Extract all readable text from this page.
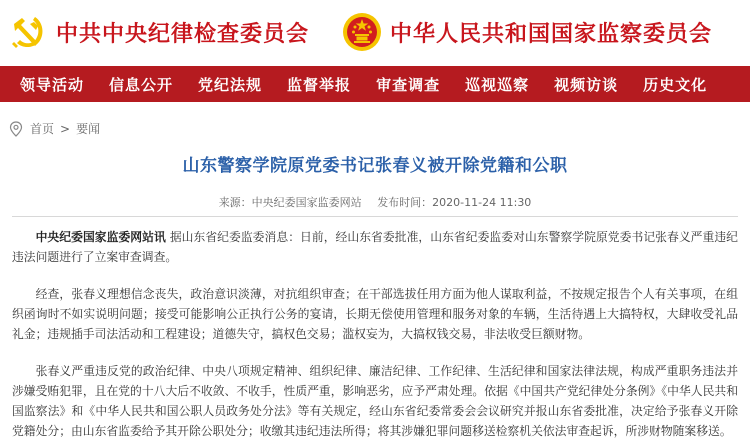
中共中央纪律检查委员会	中华人民共和国国家监察委员会
领导活动 信息公开 党纪法规 监督举报 审查调查 巡视巡察 视频访谈 历史文化
首页 > 要闻
山东警察学院原党委书记张春义被开除党籍和公职
来源：中央纪委国家监委网站 发布时间：2020-11-24 11:30

中央纪委国家监委网站讯 据山东省纪委监委消息：日前，经山东省委批准，山东省纪委监委对山东警察学院原党委书记张春义严重违纪违法问题进行了立案审查调查。

经查，张春义理想信念丧失，政治意识淡薄，对抗组织审查；在干部选拔任用方面为他人谋取利益，不按规定报告个人有关事项，在组织函询时不如实说明问题；接受可能影响公正执行公务的宴请，长期无偿使用管理和服务对象的车辆，生活待遇上大搞特权，大肆收受礼品礼金；违规插手司法活动和工程建设；道德失守，搞权色交易；滥权妄为，大搞权钱交易，非法收受巨额财物。

张春义严重违反党的政治纪律、中央八项规定精神、组织纪律、廉洁纪律、工作纪律、生活纪律和国家法律法规，构成严重职务违法并涉嫌受贿犯罪，且在党的十八大后不收敛、不收手，性质严重，影响恶劣，应予严肃处理。依据《中国共产党纪律处分条例》《中华人民共和国监察法》和《中华人民共和国公职人员政务处分法》等有关规定，经山东省纪委常委会会议研究并报山东省委批准，决定给予张春义开除党籍处分；由山东省监委给予其开除公职处分；收缴其违纪违法所得；将其涉嫌犯罪问题移送检察机关依法审查起诉，所涉财物随案移送。
